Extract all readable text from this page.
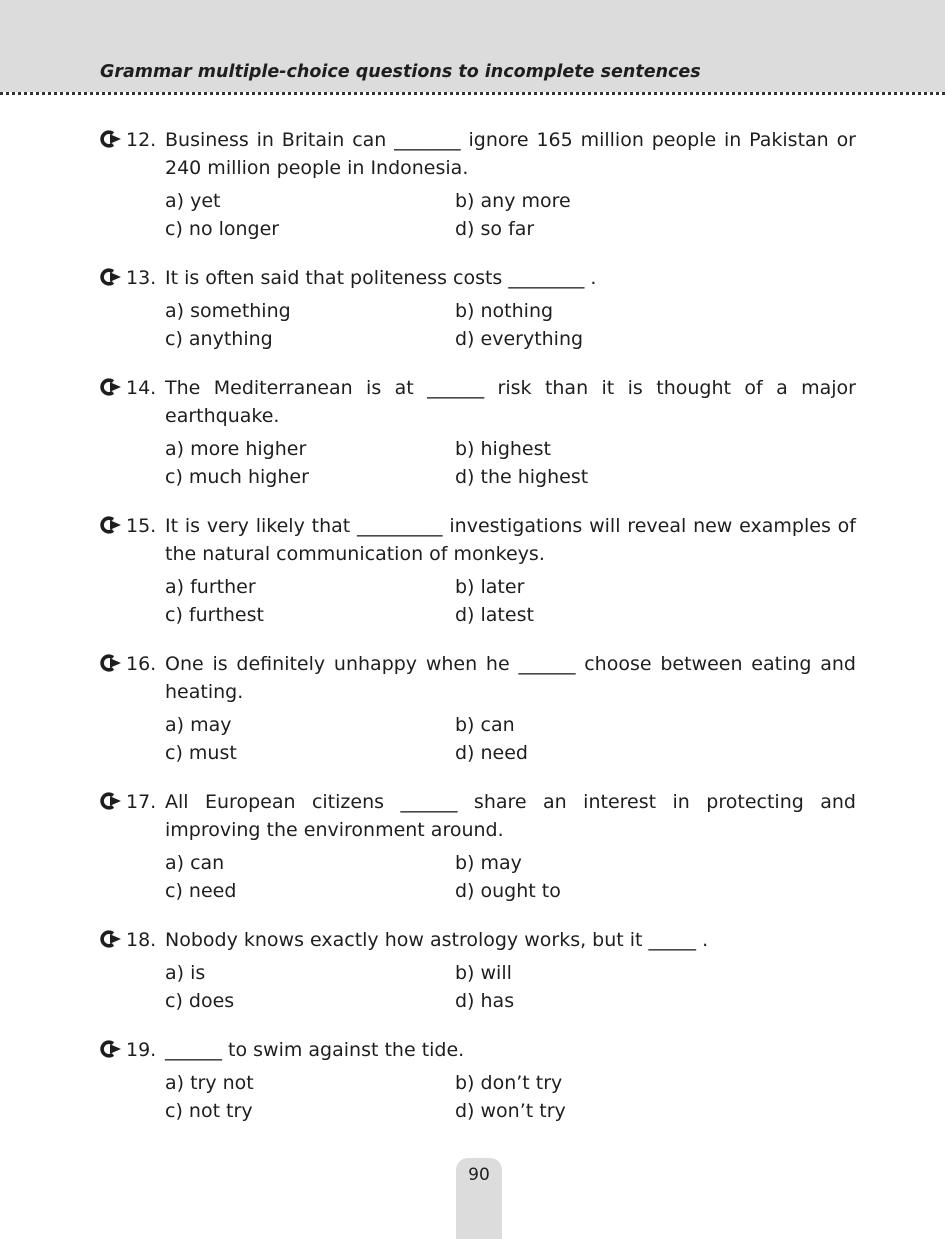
Grammar multiple-choice questions to incomplete sentences
12. Business in Britain can _______ ignore 165 million people in Pakistan or 240 million people in Indonesia.
a) yet	b) any more
c) no longer	d) so far
13. It is often said that politeness costs ________ .
a) something	b) nothing
c) anything	d) everything
14. The Mediterranean is at ______ risk than it is thought of a major earthquake.
a) more higher	b) highest
c) much higher	d) the highest
15. It is very likely that _________ investigations will reveal new examples of the natural communication of monkeys.
a) further	b) later
c) furthest	d) latest
16. One is definitely unhappy when he ______ choose between eating and heating.
a) may	b) can
c) must	d) need
17. All European citizens ______ share an interest in protecting and improving the environment around.
a) can	b) may
c) need	d) ought to
18. Nobody knows exactly how astrology works, but it _____ .
a) is	b) will
c) does	d) has
19. ______ to swim against the tide.
a) try not	b) don’t try
c) not try	d) won’t try
90
